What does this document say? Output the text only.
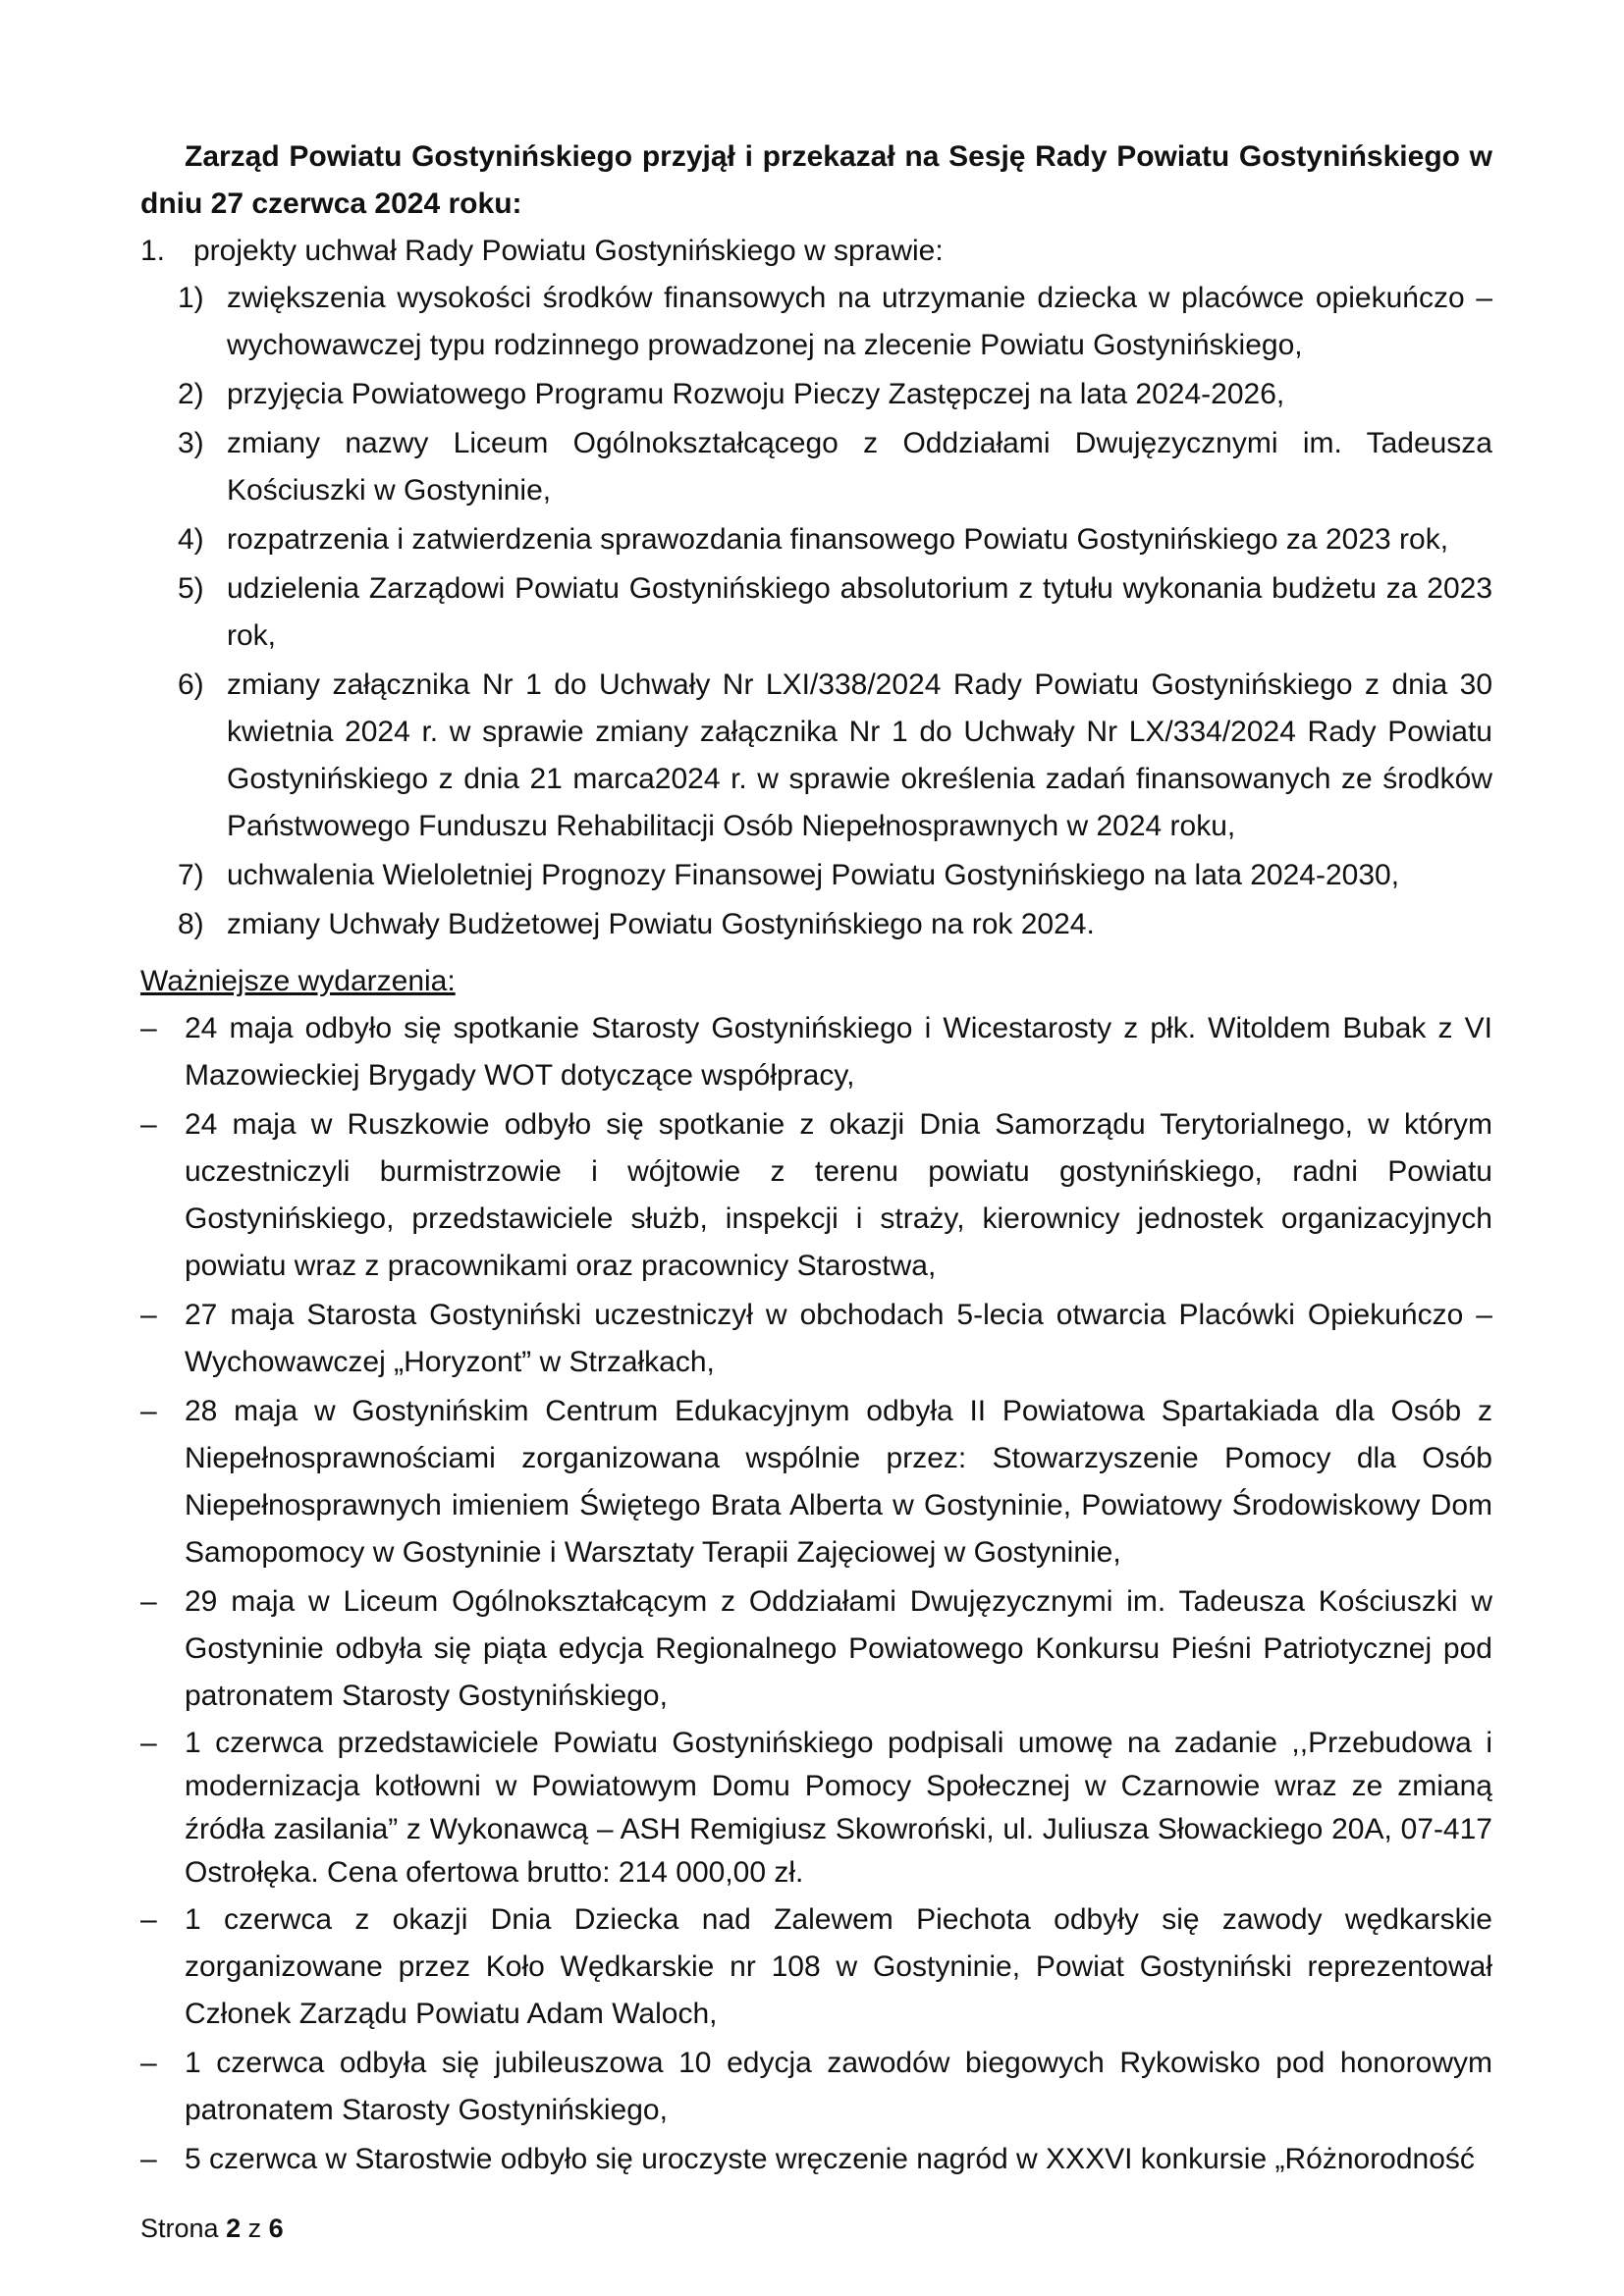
Zarząd Powiatu Gostynińskiego przyjął i przekazał na Sesję Rady Powiatu Gostynińskiego w dniu 27 czerwca 2024 roku:

1. projekty uchwał Rady Powiatu Gostynińskiego w sprawie:
1) zwiększenia wysokości środków finansowych na utrzymanie dziecka w placówce opiekuńczo – wychowawczej typu rodzinnego prowadzonej na zlecenie Powiatu Gostynińskiego,
2) przyjęcia Powiatowego Programu Rozwoju Pieczy Zastępczej na lata 2024-2026,
3) zmiany nazwy Liceum Ogólnokształcącego z Oddziałami Dwujęzycznymi im. Tadeusza Kościuszki w Gostyninie,
4) rozpatrzenia i zatwierdzenia sprawozdania finansowego Powiatu Gostynińskiego za 2023 rok,
5) udzielenia Zarządowi Powiatu Gostynińskiego absolutorium z tytułu wykonania budżetu za 2023 rok,
6) zmiany załącznika Nr 1 do Uchwały Nr LXI/338/2024 Rady Powiatu Gostynińskiego z dnia 30 kwietnia 2024 r. w sprawie zmiany załącznika Nr 1 do Uchwały Nr LX/334/2024 Rady Powiatu Gostynińskiego z dnia 21 marca2024 r. w sprawie określenia zadań finansowanych ze środków Państwowego Funduszu Rehabilitacji Osób Niepełnosprawnych w 2024 roku,
7) uchwalenia Wieloletniej Prognozy Finansowej Powiatu Gostynińskiego na lata 2024-2030,
8) zmiany Uchwały Budżetowej Powiatu Gostynińskiego na rok 2024.
Ważniejsze wydarzenia:
– 24 maja odbyło się spotkanie Starosty Gostynińskiego i Wicestarosty z płk. Witoldem Bubak z VI Mazowieckiej Brygady WOT dotyczące współpracy,
– 24 maja w Ruszkowie odbyło się spotkanie z okazji Dnia Samorządu Terytorialnego, w którym uczestniczyli burmistrzowie i wójtowie z terenu powiatu gostynińskiego, radni Powiatu Gostynińskiego, przedstawiciele służb, inspekcji i straży, kierownicy jednostek organizacyjnych powiatu wraz z pracownikami oraz pracownicy Starostwa,
– 27 maja Starosta Gostyniński uczestniczył w obchodach 5-lecia otwarcia Placówki Opiekuńczo – Wychowawczej „Horyzont” w Strzałkach,
– 28 maja w Gostynińskim Centrum Edukacyjnym odbyła II Powiatowa Spartakiada dla Osób z Niepełnosprawnościami zorganizowana wspólnie przez: Stowarzyszenie Pomocy dla Osób Niepełnosprawnych imieniem Świętego Brata Alberta w Gostyninie, Powiatowy Środowiskowy Dom Samopomocy w Gostyninie i Warsztaty Terapii Zajęciowej w Gostyninie,
– 29 maja w Liceum Ogólnokształcącym z Oddziałami Dwujęzycznymi im. Tadeusza Kościuszki w Gostyninie odbyła się piąta edycja Regionalnego Powiatowego Konkursu Pieśni Patriotycznej pod patronatem Starosty Gostynińskiego,
– 1 czerwca przedstawiciele Powiatu Gostynińskiego podpisali umowę na zadanie ,,Przebudowa i modernizacja kotłowni w Powiatowym Domu Pomocy Społecznej w Czarnowie wraz ze zmianą źródła zasilania” z Wykonawcą – ASH Remigiusz Skowroński, ul. Juliusza Słowackiego 20A, 07-417 Ostrołęka. Cena ofertowa brutto: 214 000,00 zł.
– 1 czerwca z okazji Dnia Dziecka nad Zalewem Piechota odbyły się zawody wędkarskie zorganizowane przez Koło Wędkarskie nr 108 w Gostyninie, Powiat Gostyniński reprezentował Członek Zarządu Powiatu Adam Waloch,
– 1 czerwca odbyła się jubileuszowa 10 edycja zawodów biegowych Rykowisko pod honorowym patronatem Starosty Gostynińskiego,
– 5 czerwca w Starostwie odbyło się uroczyste wręczenie nagród w XXXVI konkursie „Różnorodność
Strona 2 z 6
